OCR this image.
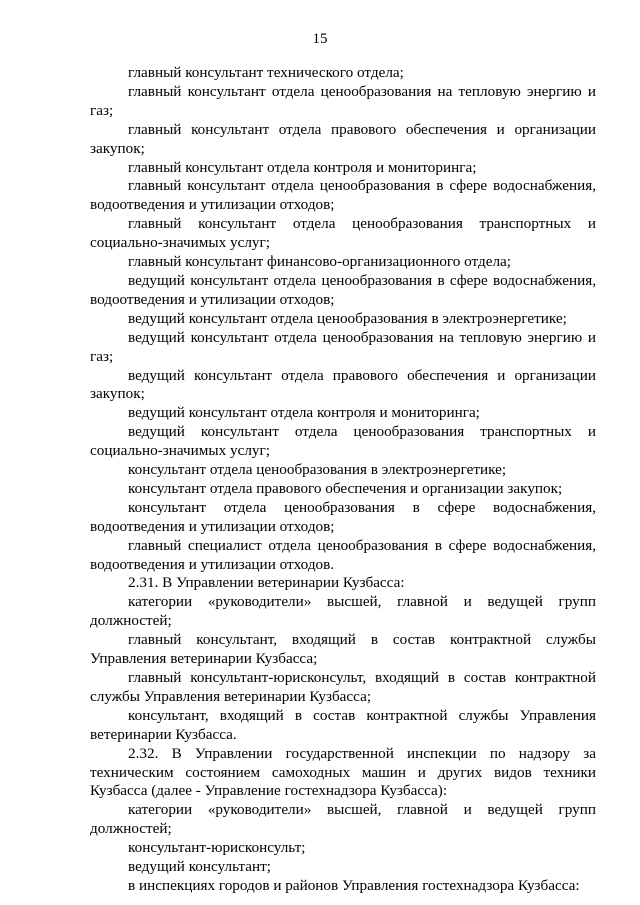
15

главный консультант технического отдела;

главный консультант отдела ценообразования на тепловую энергию и газ;

главный консультант отдела правового обеспечения и организации закупок;

главный консультант отдела контроля и мониторинга;

главный консультант отдела ценообразования в сфере водоснабжения, водоотведения и утилизации отходов;

главный консультант отдела ценообразования транспортных и социально-значимых услуг;

главный консультант финансово-организационного отдела;

ведущий консультант отдела ценообразования в сфере водоснабжения, водоотведения и утилизации отходов;

ведущий консультант отдела ценообразования в электроэнергетике;

ведущий консультант отдела ценообразования на тепловую энергию и газ;

ведущий консультант отдела правового обеспечения и организации закупок;

ведущий консультант отдела контроля и мониторинга;

ведущий консультант отдела ценообразования транспортных и социально-значимых услуг;

консультант отдела ценообразования в электроэнергетике;

консультант отдела правового обеспечения и организации закупок;

консультант отдела ценообразования в сфере водоснабжения, водоотведения и утилизации отходов;

главный специалист отдела ценообразования в сфере водоснабжения, водоотведения и утилизации отходов.

2.31. В Управлении ветеринарии Кузбасса:

категории «руководители» высшей, главной и ведущей групп должностей;

главный консультант, входящий в состав контрактной службы Управления ветеринарии Кузбасса;

главный консультант-юрисконсульт, входящий в состав контрактной службы Управления ветеринарии Кузбасса;

консультант, входящий в состав контрактной службы Управления ветеринарии Кузбасса.

2.32. В Управлении государственной инспекции по надзору за техническим состоянием самоходных машин и других видов техники Кузбасса (далее - Управление гостехнадзора Кузбасса):

категории «руководители» высшей, главной и ведущей групп должностей;

консультант-юрисконсульт;

ведущий консультант;

в инспекциях городов и районов Управления гостехнадзора Кузбасса:
